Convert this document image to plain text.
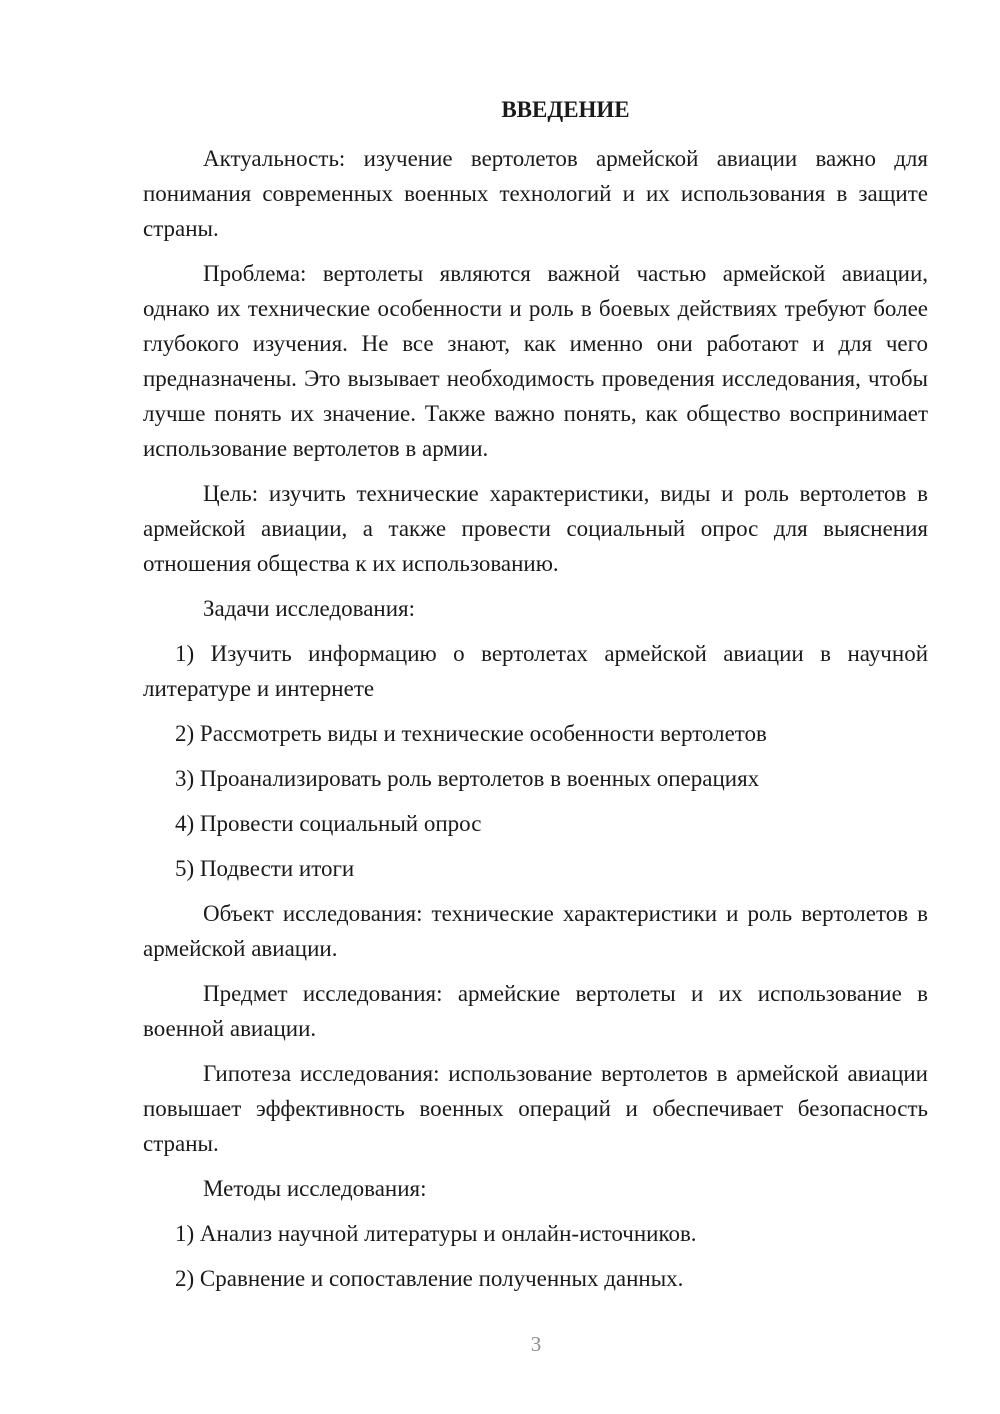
ВВЕДЕНИЕ

Актуальность: изучение вертолетов армейской авиации важно для понимания современных военных технологий и их использования в защите страны.

Проблема: вертолеты являются важной частью армейской авиации, однако их технические особенности и роль в боевых действиях требуют более глубокого изучения. Не все знают, как именно они работают и для чего предназначены. Это вызывает необходимость проведения исследования, чтобы лучше понять их значение. Также важно понять, как общество воспринимает использование вертолетов в армии.

Цель: изучить технические характеристики, виды и роль вертолетов в армейской авиации, а также провести социальный опрос для выяснения отношения общества к их использованию.

Задачи исследования:

1) Изучить информацию о вертолетах армейской авиации в научной литературе и интернете

2) Рассмотреть виды и технические особенности вертолетов

3) Проанализировать роль вертолетов в военных операциях

4) Провести социальный опрос

5) Подвести итоги

Объект исследования: технические характеристики и роль вертолетов в армейской авиации.

Предмет исследования: армейские вертолеты и их использование в военной авиации.

Гипотеза исследования: использование вертолетов в армейской авиации повышает эффективность военных операций и обеспечивает безопасность страны.

Методы исследования:

1) Анализ научной литературы и онлайн-источников.

2) Сравнение и сопоставление полученных данных.

3
